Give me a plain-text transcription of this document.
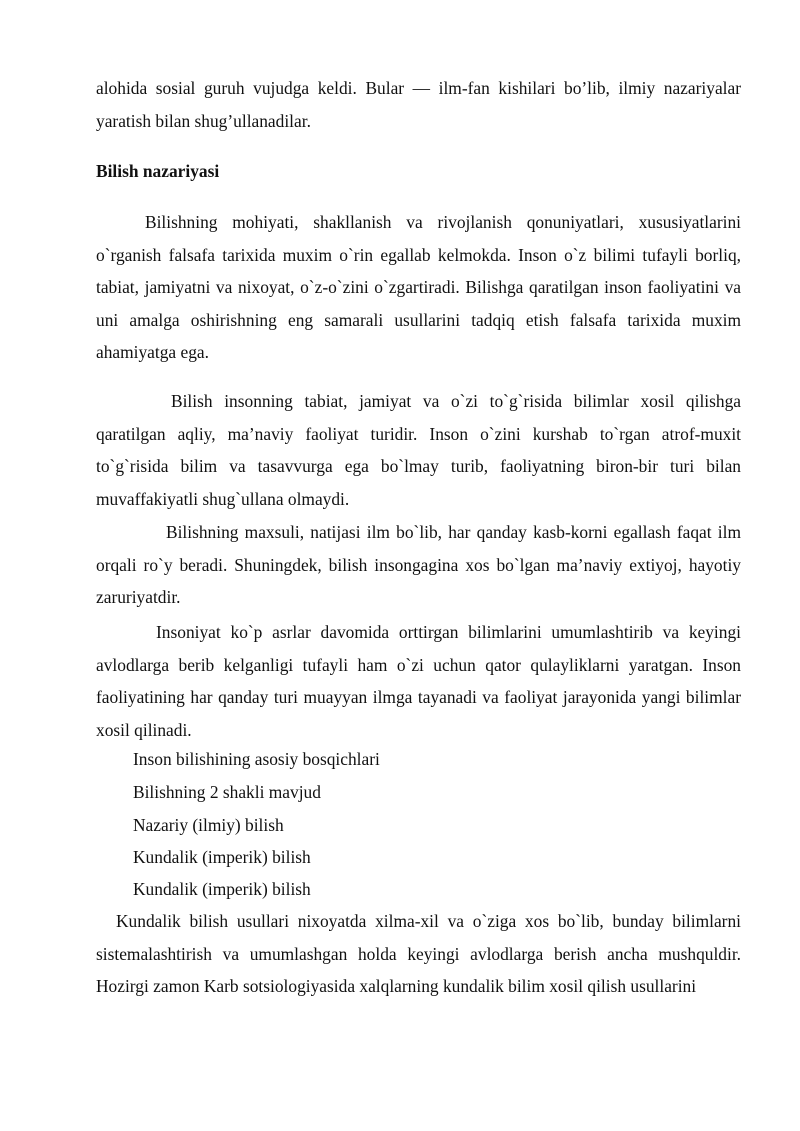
alohida sosial guruh vujudga keldi. Bular — ilm-fan kishilari bo’lib, ilmiy nazariyalar yaratish bilan shug’ullanadilar.

Bilish nazariyasi

Bilishning mohiyati, shakllanish va rivojlanish qonuniyatlari, xususiyatlarini o`rganish falsafa tarixida muxim o`rin egallab kelmokda. Inson o`z bilimi tufayli borliq, tabiat, jamiyatni va nixoyat, o`z-o`zini o`zgartiradi. Bilishga qaratilgan inson faoliyatini va uni amalga oshirishning eng samarali usullarini tadqiq etish falsafa tarixida muxim ahamiyatga ega.

Bilish insonning tabiat, jamiyat va o`zi to`g`risida bilimlar xosil qilishga qaratilgan aqliy, ma’naviy faoliyat turidir. Inson o`zini kurshab to`rgan atrof-muxit to`g`risida bilim va tasavvurga ega bo`lmay turib, faoliyatning biron-bir turi bilan muvaffakiyatli shug`ullana olmaydi.

Bilishning maxsuli, natijasi ilm bo`lib, har qanday kasb-korni egallash faqat ilm orqali ro`y beradi. Shuningdek, bilish insongagina xos bo`lgan ma’naviy extiyoj, hayotiy zaruriyatdir.

Insoniyat ko`p asrlar davomida orttirgan bilimlarini umumlashtirib va keyingi avlodlarga berib kelganligi tufayli ham o`zi uchun qator qulayliklarni yaratgan. Inson faoliyatining har qanday turi muayyan ilmga tayanadi va faoliyat jarayonida yangi bilimlar xosil qilinadi.

Inson bilishining asosiy bosqichlari

Bilishning 2 shakli mavjud

Nazariy (ilmiy) bilish

Kundalik (imperik) bilish

Kundalik (imperik) bilish

Kundalik bilish usullari nixoyatda xilma-xil va o`ziga xos bo`lib, bunday bilimlarni sistemalashtirish va umumlashgan holda keyingi avlodlarga berish ancha mushquldir. Hozirgi zamon Karb sotsiologiyasida xalqlarning kundalik bilim xosil qilish usullarini
